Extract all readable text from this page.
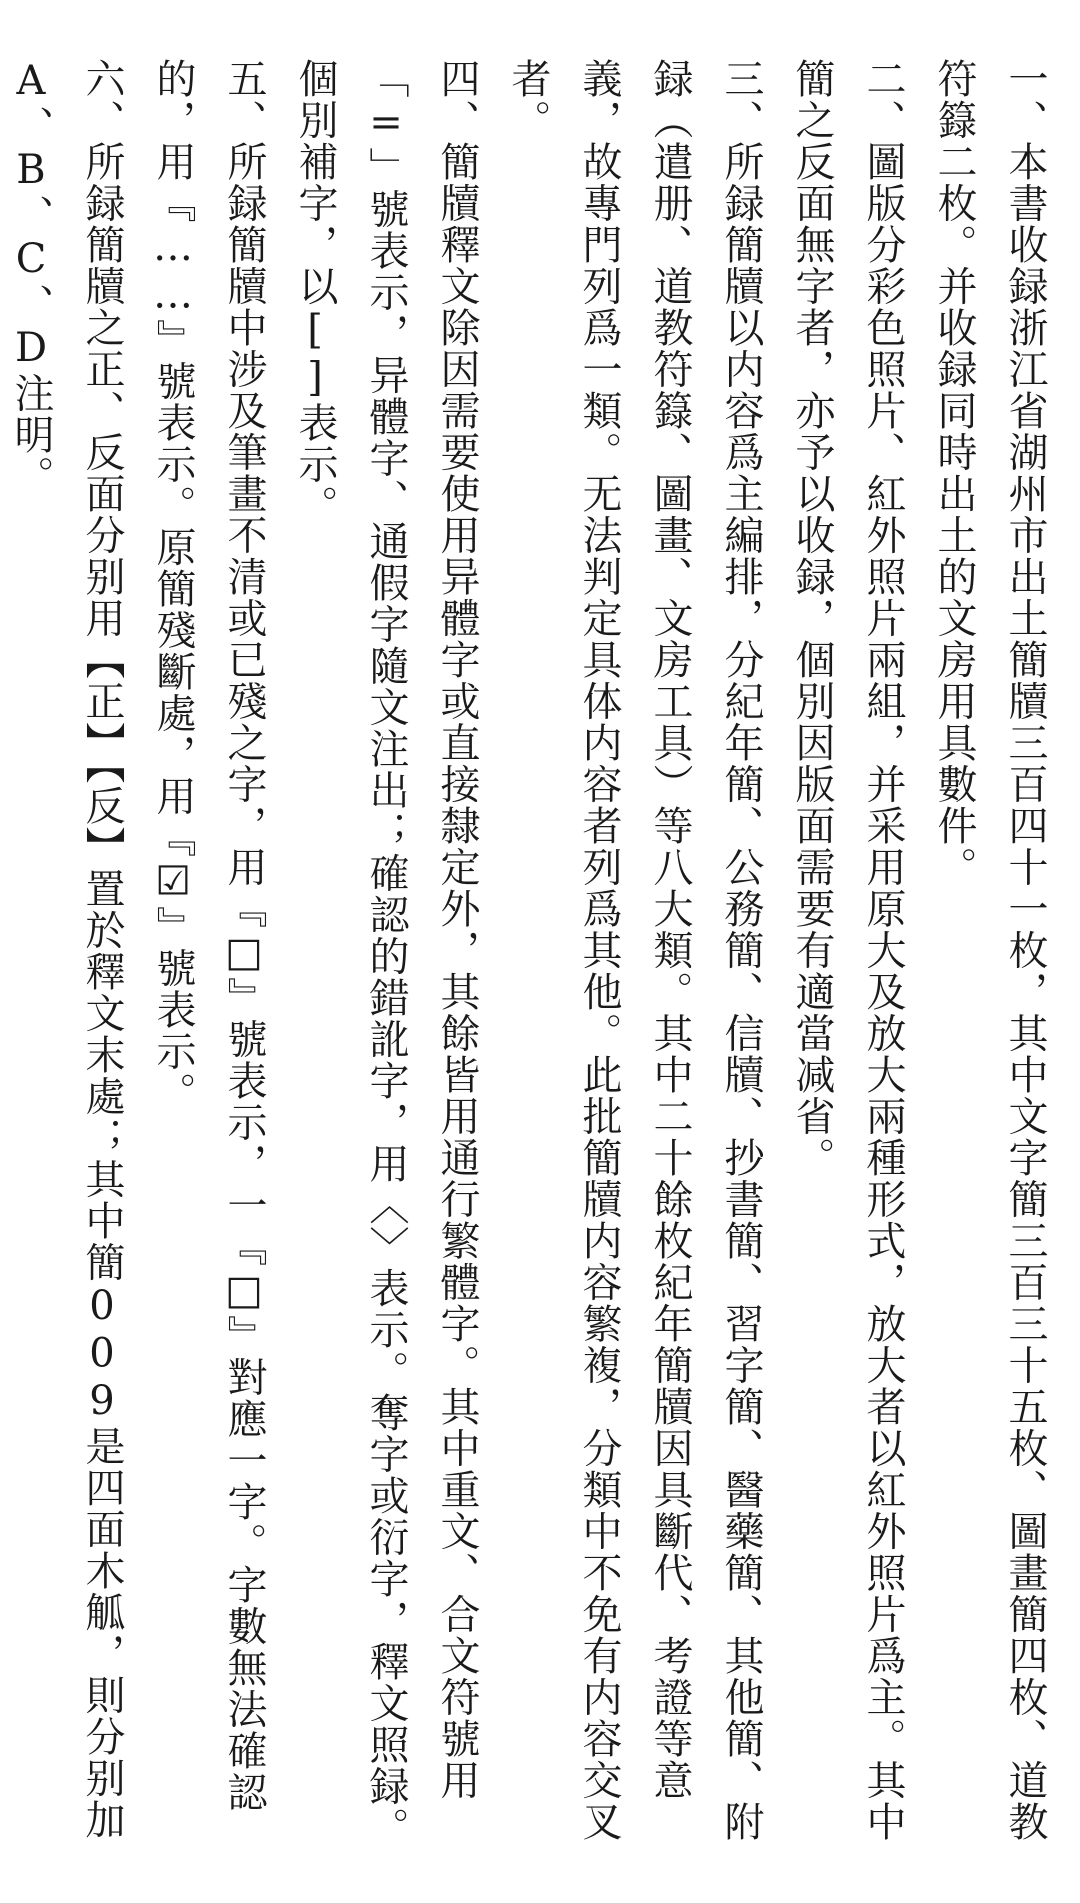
一、本書收録浙江省湖州市出土簡牘三百四十一枚，其中文字簡三百三十五枚、圖畫簡四枚、道教符籙二枚。并收録同時出土的文房用具數件。

二、圖版分彩色照片、紅外照片兩組，并采用原大及放大兩種形式，放大者以紅外照片爲主。其中簡之反面無字者，亦予以收録，個別因版面需要有適當减省。

三、所録簡牘以内容爲主編排，分紀年簡、公務簡、信牘、抄書簡、習字簡、醫藥簡、其他簡、附録（遣册、道教符籙、圖畫、文房工具）等八大類。其中二十餘枚紀年簡牘因具斷代、考證等意義，故專門列爲一類。无法判定具体内容者列爲其他。此批簡牘内容繁複，分類中不免有内容交叉者。

四、簡牘釋文除因需要使用异體字或直接隸定外，其餘皆用通行繁體字。其中重文、合文符號用「=」號表示，异體字、通假字隨文注出；確認的錯訛字，用〈〉表示。奪字或衍字，釋文照録。個別補字，以[]表示。

五、所録簡牘中涉及筆畫不清或已殘之字，用『□』號表示，一『□』對應一字。字數無法確認的，用『……』號表示。原簡殘斷處，用『☑』號表示。

六、所録簡牘之正、反面分别用【正】【反】置於釋文末處；其中簡009是四面木觚，則分别加A、B、C、D注明。
